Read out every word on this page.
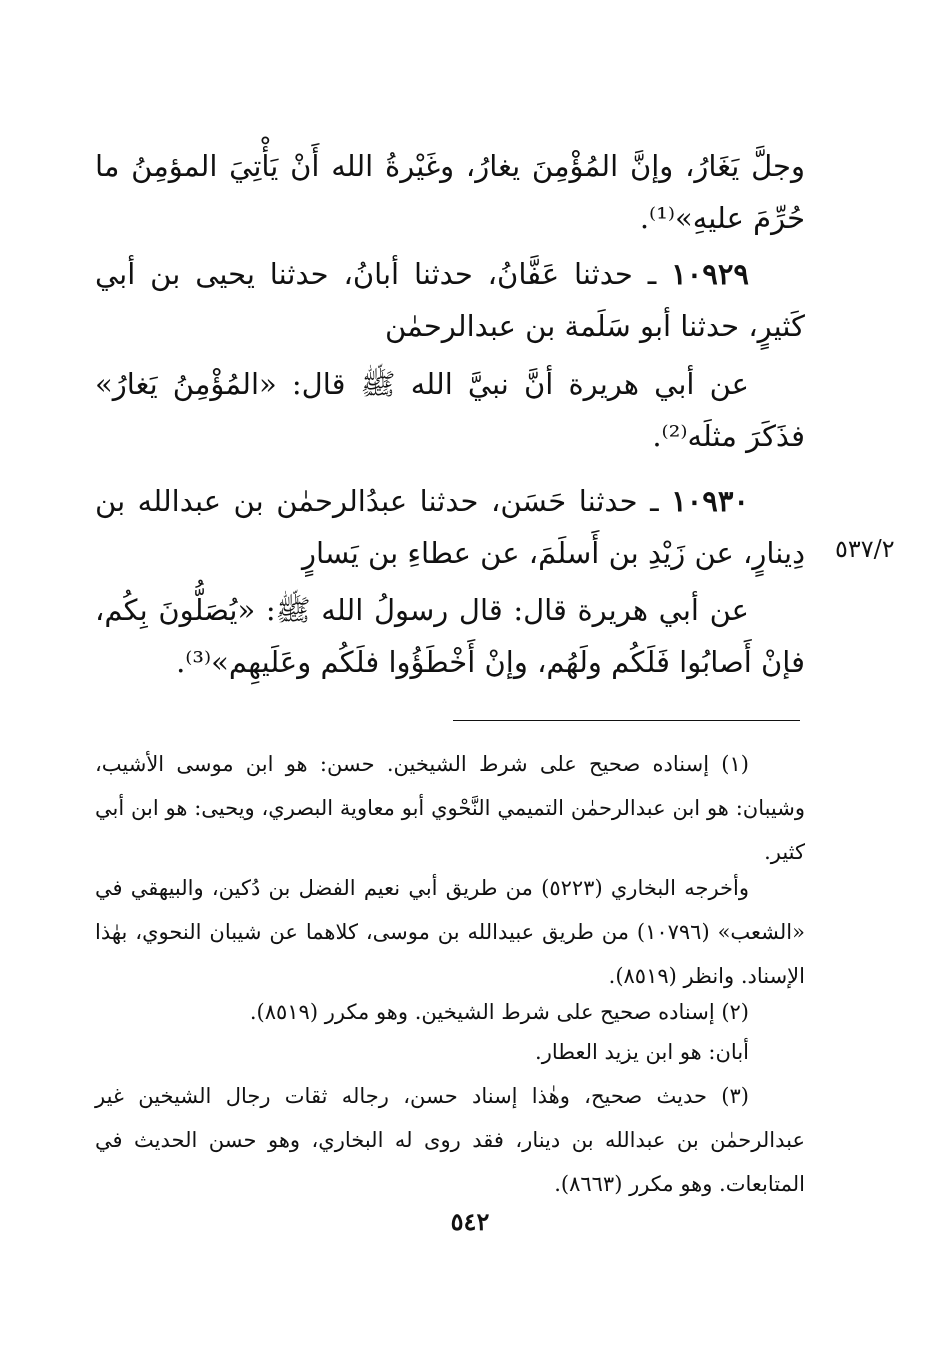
وجلَّ يَغَارُ، وإنَّ المُؤْمِنَ يغارُ، وغَيْرةُ الله أَنْ يَأْتِيَ المؤمِنُ ما حُرِّمَ عليهِ»⁽¹⁾.
١٠٩٢٩ ـ حدثنا عَفَّانُ، حدثنا أبانُ، حدثنا يحيى بن أبي كَثيرٍ، حدثنا أبو سَلَمة بن عبدالرحمٰن
عن أبي هريرة أنَّ نبيَّ الله ﷺ قال: «المُؤْمِنُ يَغارُ» فذَكَرَ مثلَه⁽²⁾.
١٠٩٣٠ ـ حدثنا حَسَن، حدثنا عبدُالرحمٰن بن عبدالله بن دِينارٍ، عن زَيْدِ بن أَسلَمَ، عن عطاءِ بن يَسارٍ ٥٣٧/٢
عن أبي هريرة قال: قال رسولُ الله ﷺ: «يُصَلُّونَ بِكُم، فإنْ أَصابُوا فَلَكُم ولَهُم، وإنْ أَخْطَؤُوا فلَكُم وعَلَيهِم»⁽³⁾.
(١) إسناده صحيح على شرط الشيخين. حسن: هو ابن موسى الأشيب، وشيبان: هو ابن عبدالرحمٰن التميمي النَّحْوي أبو معاوية البصري، ويحيى: هو ابن أبي كثير.
وأخرجه البخاري (٥٢٢٣) من طريق أبي نعيم الفضل بن دُكين، والبيهقي في «الشعب» (١٠٧٩٦) من طريق عبيدالله بن موسى، كلاهما عن شيبان النحوي، بهٰذا الإسناد. وانظر (٨٥١٩).
(٢) إسناده صحيح على شرط الشيخين. وهو مكرر (٨٥١٩).
أبان: هو ابن يزيد العطار.
(٣) حديث صحيح، وهٰذا إسناد حسن، رجاله ثقات رجال الشيخين غير عبدالرحمٰن بن عبدالله بن دينار، فقد روى له البخاري، وهو حسن الحديث في المتابعات. وهو مكرر (٨٦٦٣).
٥٤٢
